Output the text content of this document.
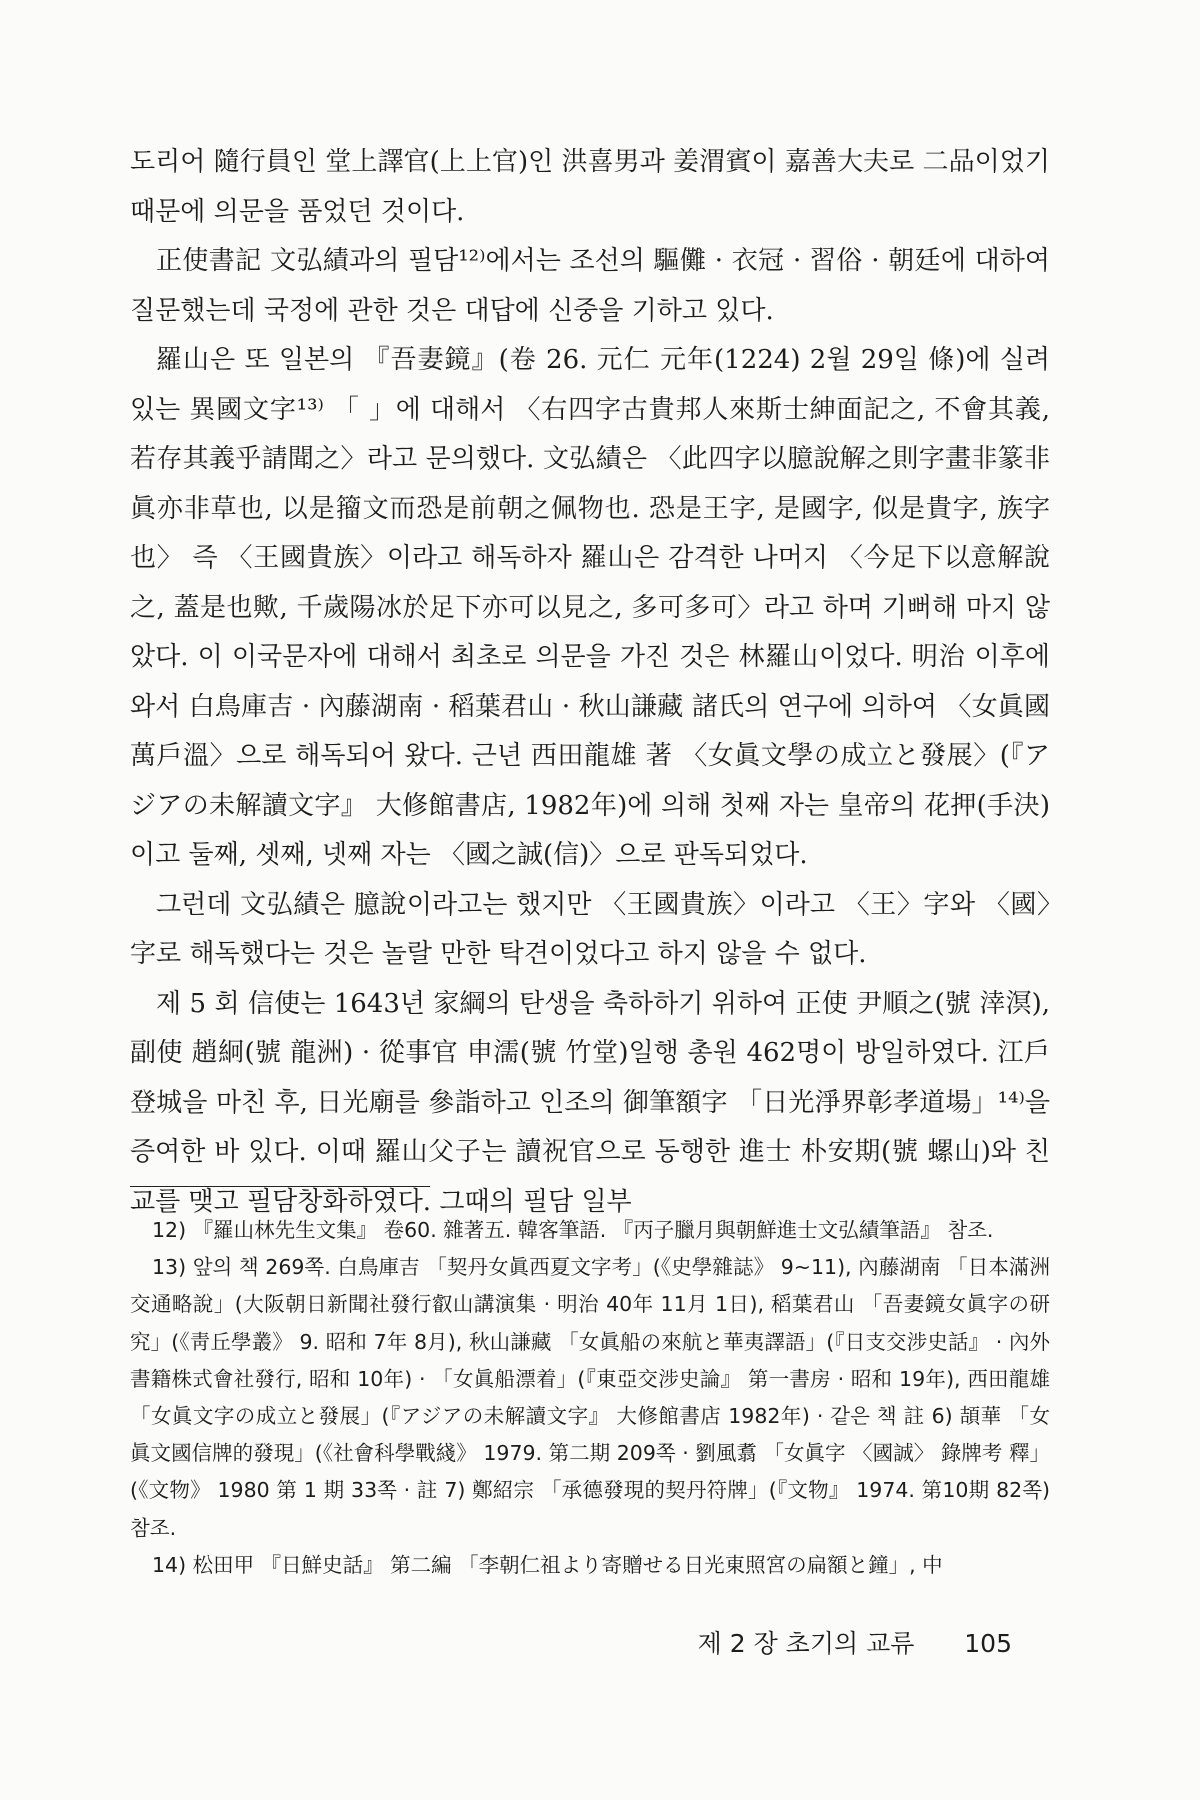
도리어 隨行員인 堂上譯官(上上官)인 洪喜男과 姜渭賓이 嘉善大夫로 二品이었기 때문에 의문을 품었던 것이다.

正使書記 文弘績과의 필담¹²⁾에서는 조선의 驅儺 · 衣冠 · 習俗 · 朝廷에 대하여 질문했는데 국정에 관한 것은 대답에 신중을 기하고 있다.

羅山은 또 일본의 『吾妻鏡』(卷 26. 元仁 元年(1224) 2월 29일 條)에 실려 있는 異國文字¹³⁾ 「 」에 대해서 〈右四字古貴邦人來斯士紳面記之, 不會其義, 若存其義乎請聞之〉라고 문의했다. 文弘績은 〈此四字以臆說解之則字畫非篆非眞亦非草也, 以是籀文而恐是前朝之佩物也. 恐是王字, 是國字, 似是貴字, 族字也〉 즉 〈王國貴族〉이라고 해독하자 羅山은 감격한 나머지 〈今足下以意解說之, 蓋是也歟, 千歲陽冰於足下亦可以見之, 多可多可〉라고 하며 기뻐해 마지 않았다. 이 이국문자에 대해서 최초로 의문을 가진 것은 林羅山이었다. 明治 이후에 와서 白鳥庫吉 · 內藤湖南 · 稻葉君山 · 秋山謙藏 諸氏의 연구에 의하여 〈女眞國萬戶溫〉으로 해독되어 왔다. 근년 西田龍雄 著 〈女眞文學の成立と發展〉(『アジアの未解讀文字』 大修館書店, 1982年)에 의해 첫째 자는 皇帝의 花押(手決)이고 둘째, 셋째, 넷째 자는 〈國之誠(信)〉으로 판독되었다.

그런데 文弘績은 臆說이라고는 했지만 〈王國貴族〉이라고 〈王〉字와 〈國〉字로 해독했다는 것은 놀랄 만한 탁견이었다고 하지 않을 수 없다.

제 5 회 信使는 1643년 家綱의 탄생을 축하하기 위하여 正使 尹順之(號 涬溟), 副使 趙絅(號 龍洲) · 從事官 申濡(號 竹堂)일행 총원 462명이 방일하였다. 江戶登城을 마친 후, 日光廟를 參詣하고 인조의 御筆額字 「日光淨界彰孝道場」¹⁴⁾을 증여한 바 있다. 이때 羅山父子는 讀祝官으로 동행한 進士 朴安期(號 螺山)와 친교를 맺고 필담창화하였다. 그때의 필담 일부

12) 『羅山林先生文集』 卷60. 雜著五. 韓客筆語. 『丙子臘月與朝鮮進士文弘績筆語』 참조.

13) 앞의 책 269쪽. 白鳥庫吉 「契丹女眞西夏文字考」(《史學雜誌》 9~11), 內藤湖南 「日本滿洲交通略說」(大阪朝日新聞社發行叡山講演集 · 明治 40年 11月 1日), 稻葉君山 「吾妻鏡女眞字の研究」(《靑丘學叢》 9. 昭和 7年 8月), 秋山謙藏 「女眞船の來航と華夷譯語」(『日支交涉史話』 · 內外書籍株式會社發行, 昭和 10年) · 「女眞船漂着」(『東亞交涉史論』 第一書房 · 昭和 19年), 西田龍雄 「女眞文字の成立と發展」(『アジアの未解讀文字』 大修館書店 1982年) · 같은 책 註 6) 頡華 「女眞文國信牌的發現」(《社會科學戰綫》 1979. 第二期 209쪽 · 劉風翥 「女眞字 〈國誠〉 錄牌考 釋」(《文物》 1980 第 1 期 33쪽 · 註 7) 鄭紹宗 「承德發現的契丹符牌」(『文物』 1974. 第10期 82쪽) 참조.

14) 松田甲 『日鮮史話』 第二編 「李朝仁祖より寄贈せる日光東照宮の扁額と鐘」, 中

제 2 장 초기의 교류 105
